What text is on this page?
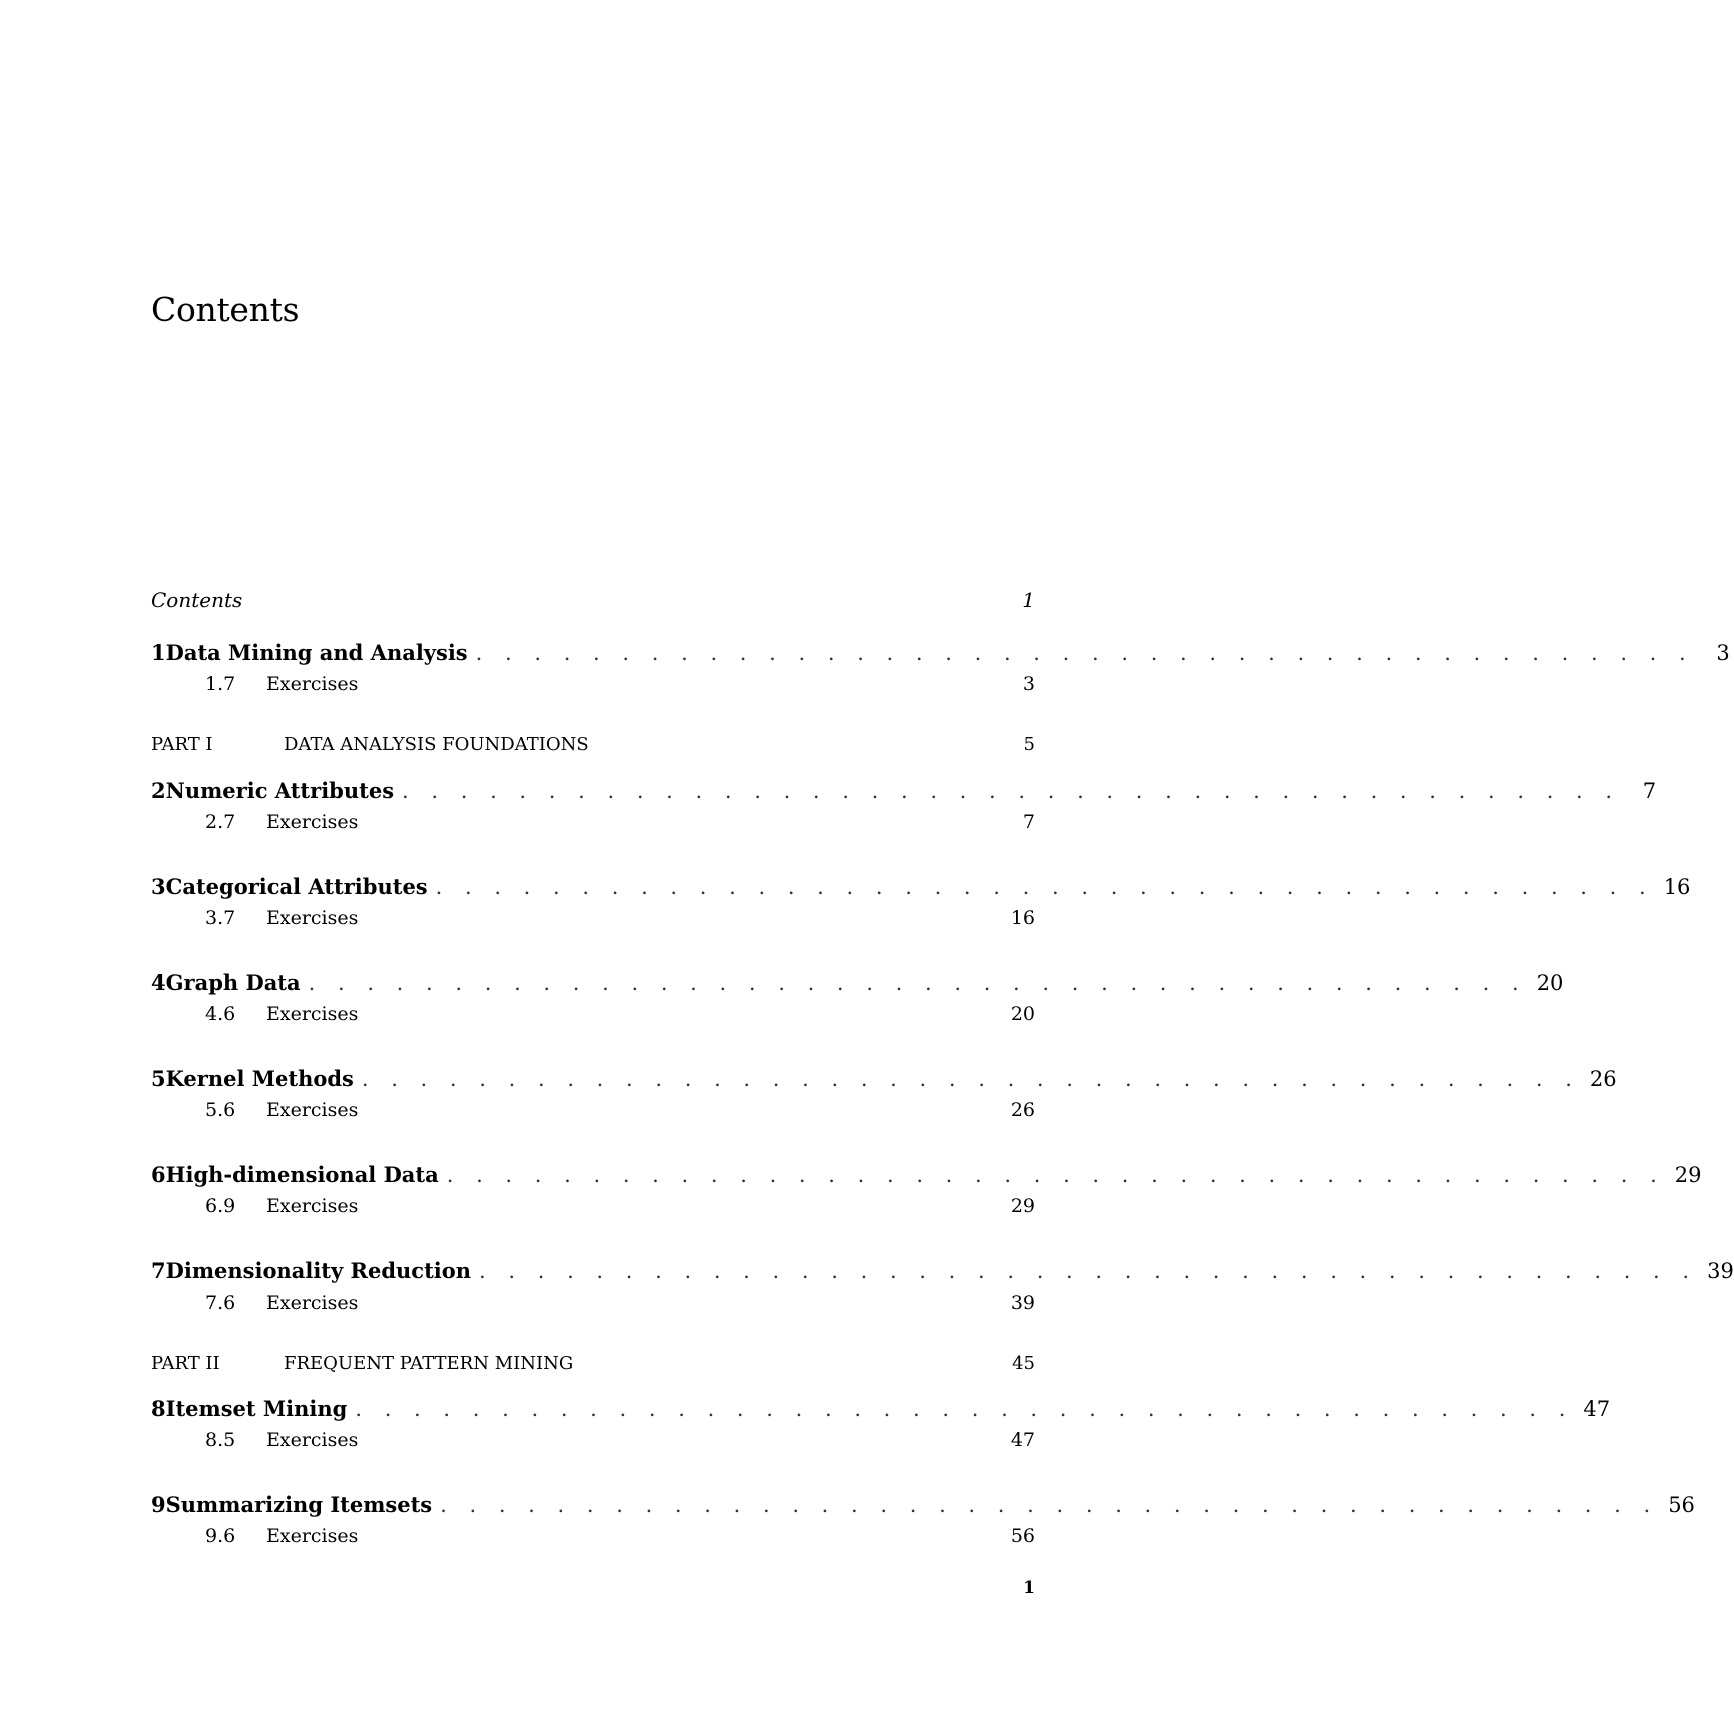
Contents
Contents	1
1 Data Mining and Analysis . . . . . . . . . . . . . . . . . . . . . . . . . . . . . . . . . . . . . . . . . .	3
1.7	Exercises	3
PART I	DATA ANALYSIS FOUNDATIONS	5
2 Numeric Attributes . . . . . . . . . . . . . . . . . . . . . . . . . . . . . . . . . . . . . . . . . .	7
2.7	Exercises	7
3 Categorical Attributes . . . . . . . . . . . . . . . . . . . . . . . . . . . . . . . . . . . . . . . . . . 16
3.7	Exercises	16
4 Graph Data . . . . . . . . . . . . . . . . . . . . . . . . . . . . . . . . . . . . . . . . . . 20
4.6	Exercises	20
5 Kernel Methods . . . . . . . . . . . . . . . . . . . . . . . . . . . . . . . . . . . . . . . . . . 26
5.6	Exercises	26
6 High-dimensional Data . . . . . . . . . . . . . . . . . . . . . . . . . . . . . . . . . . . . . . . . . . 29
6.9	Exercises	29
7 Dimensionality Reduction . . . . . . . . . . . . . . . . . . . . . . . . . . . . . . . . . . . . . . . . . . 39
7.6	Exercises	39
PART II	FREQUENT PATTERN MINING	45
8 Itemset Mining . . . . . . . . . . . . . . . . . . . . . . . . . . . . . . . . . . . . . . . . . . 47
8.5	Exercises	47
9 Summarizing Itemsets . . . . . . . . . . . . . . . . . . . . . . . . . . . . . . . . . . . . . . . . . . 56
9.6	Exercises	56
1
